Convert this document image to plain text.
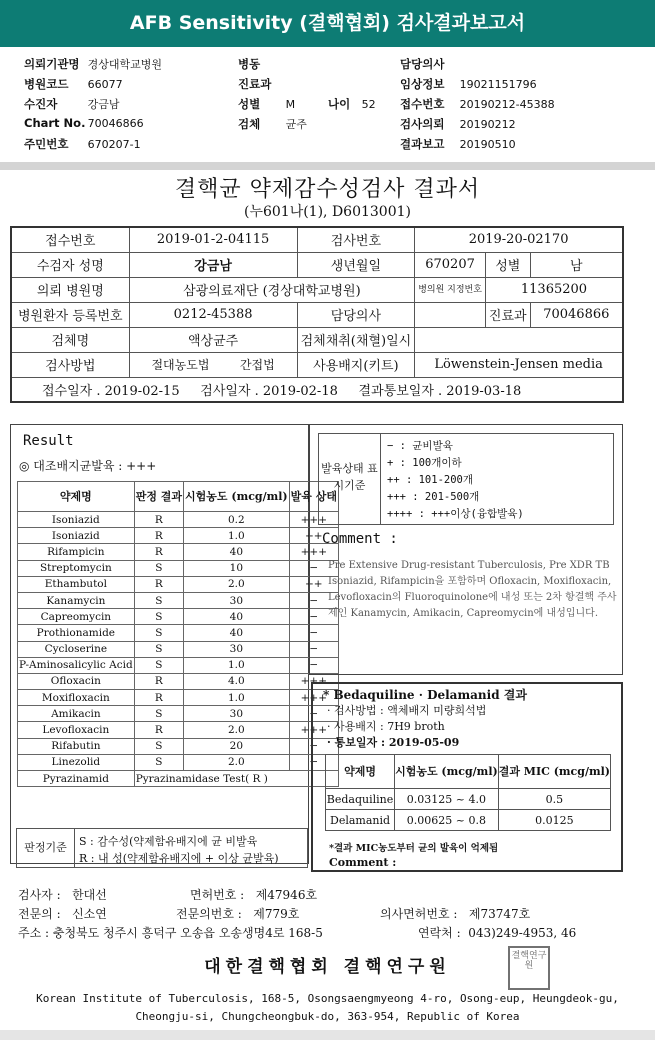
AFB Sensitivity (결핵협회) 검사결과보고서
의뢰기관명 경상대학교병원	병동	담당의사
병원코드 66077	진료과	임상정보 19021151796
수진자	강금남	성별 M	나이 52 접수번호 20190212-45388
Chart No. 70046866	검체 균주	검사의뢰 20190212
주민번호 670207-1	결과보고 20190510
결핵균 약제감수성검사 결과서
(누601나(1), D6013001)
접수번호	2019-01-2-04115	검사번호	2019-20-02170		
수검자 성명	강금남	생년월일	670207	성별	남
의뢰 병원명	삼광의료재단 (경상대학교병원)		병의원 지정번호	11365200	
병원환자 등록번호	0212-45388	담당의사		진료과	70046866
검체명	액상균주	검체채취(채혈)일시			
검사방법	절대농도법 간접법	사용배지(키트)	Löwenstein-Jensen media		
접수일자 . 2019-02-15 검사일자 . 2019-02-18 결과통보일자 . 2019-03-18					
Result
◎ 대조배지균발육 : +++
약제명	판정 결과	시험농도 (mcg/ml)	발육 상태
Isoniazid	R	0.2	+++
Isoniazid	R	1.0	++
Rifampicin	R	40	+++
Streptomycin	S	10	−
Ethambutol	R	2.0	++
Kanamycin	S	30	−
Capreomycin	S	40	−
Prothionamide	S	40	−
Cycloserine	S	30	−
P-Aminosalicylic Acid	S	1.0	−
Ofloxacin	R	4.0	+++
Moxifloxacin	R	1.0	+++
Amikacin	S	30	−
Levofloxacin	R	2.0	+++
Rifabutin	S	20	−
Linezolid	S	2.0	−
Pyrazinamid	Pyrazinamidase Test( R )		
판정기준	S : 감수성(약제함유배지에 균 비발육
R : 내 성(약제함유배지에 + 이상 균발육)
발육상태 표시기준
− : 균비발육
+ : 100개이하
++ : 101-200개
+++ : 201-500개
++++ : +++이상(융합발육)
Comment :
Pre Extensive Drug-resistant Tuberculosis, Pre XDR TB
Isoniazid, Rifampicin을 포함하며 Ofloxacin, Moxifloxacin, Levofloxacin의 Fluoroquinolone에 내성 또는 2차 항결핵 주사제인 Kanamycin, Amikacin, Capreomycin에 내성입니다.
* Bedaquiline · Delamanid 결과
· 검사방법 : 액체배지 미량희석법
· 사용배지 : 7H9 broth
· 통보일자 : 2019-05-09
약제명	시험농도 (mcg/ml)	결과 MIC (mcg/ml)
Bedaquiline	0.03125 ~ 4.0	0.5
Delamanid	0.00625 ~ 0.8	0.0125
*결과 MIC농도부터 균의 발육이 억제됨
Comment :
검사자 : 한대선	면허번호 : 제47946호
전문의 : 신소연	전문의번호 : 제779호	의사면허번호 : 제73747호
주소 : 충청북도 청주시 흥덕구 오송읍 오송생명4로 168-5	연락처 : 043)249-4953, 46
대한결핵협회 결핵연구원
결핵연구원
Korean Institute of Tuberculosis, 168-5, Osongsaengmyeong 4-ro, Osong-eup, Heungdeok-gu,
Cheongju-si, Chungcheongbuk-do, 363-954, Republic of Korea
